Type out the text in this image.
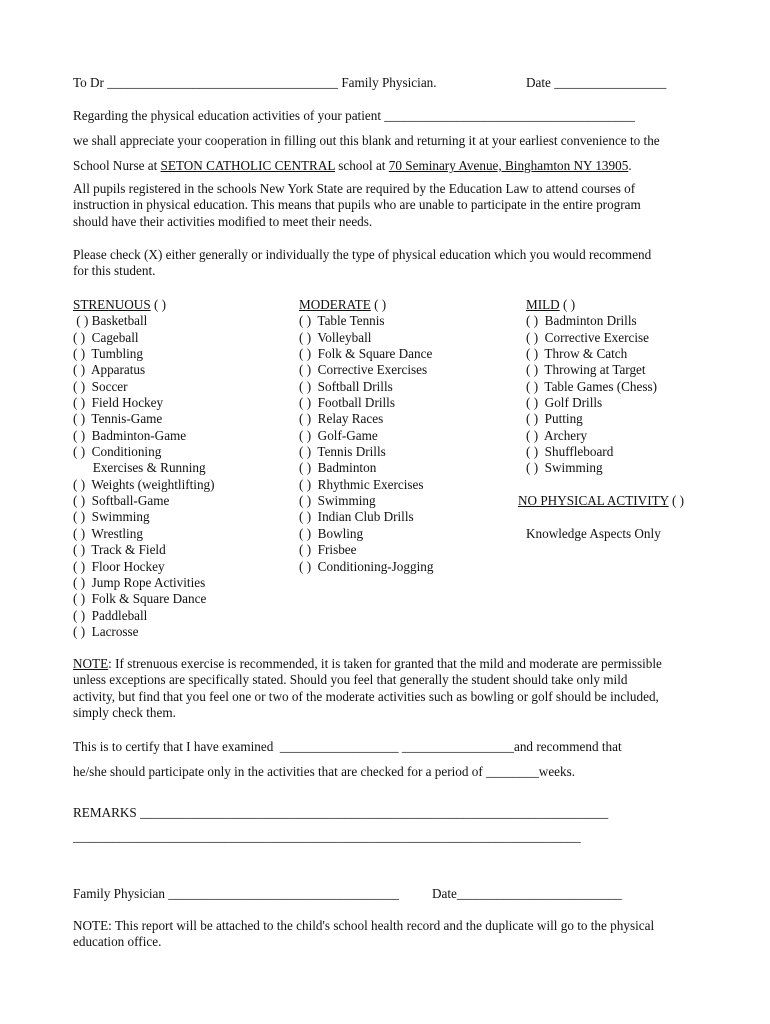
To Dr ___________________________________ Family Physician.	Date _________________
Regarding the physical education activities of your patient ______________________________________
we shall appreciate your cooperation in filling out this blank and returning it at your earliest convenience to the
School Nurse at SETON CATHOLIC CENTRAL school at 70 Seminary Avenue, Binghamton NY 13905.
All pupils registered in the schools New York State are required by the Education Law to attend courses of
instruction in physical education. This means that pupils who are unable to participate in the entire program
should have their activities modified to meet their needs.
Please check (X) either generally or individually the type of physical education which you would recommend
for this student.
STRENUOUS ( )
( ) Basketball
( )  Cageball
( )  Tumbling
( )  Apparatus
( )  Soccer
( )  Field Hockey
( )  Tennis-Game
( )  Badminton-Game
( )  Conditioning
Exercises & Running
( )  Weights (weightlifting)
( )  Softball-Game
( )  Swimming
( )  Wrestling
( )  Track & Field
( )  Floor Hockey
( )  Jump Rope Activities
( )  Folk & Square Dance
( )  Paddleball
( )  Lacrosse
MODERATE ( )
( )  Table Tennis
( )  Volleyball
( )  Folk & Square Dance
( )  Corrective Exercises
( )  Softball Drills
( )  Football Drills
( )  Relay Races
( )  Golf-Game
( )  Tennis Drills
( )  Badminton
( )  Rhythmic Exercises
( )  Swimming
( )  Indian Club Drills
( )  Bowling
( )  Frisbee
( )  Conditioning-Jogging
MILD ( )
( )  Badminton Drills
( )  Corrective Exercise
( )  Throw & Catch
( )  Throwing at Target
( )  Table Games (Chess)
( )  Golf Drills
( )  Putting
( )  Archery
( )  Shuffleboard
( )  Swimming
NO PHYSICAL ACTIVITY ( )
Knowledge Aspects Only
NOTE: If strenuous exercise is recommended, it is taken for granted that the mild and moderate are permissible
unless exceptions are specifically stated. Should you feel that generally the student should take only mild
activity, but find that you feel one or two of the moderate activities such as bowling or golf should be included,
simply check them.
This is to certify that I have examined  __________________ _________________and recommend that
he/she should participate only in the activities that are checked for a period of ________weeks.
REMARKS _______________________________________________________________________
_____________________________________________________________________________
Family Physician ___________________________________ Date_________________________
NOTE: This report will be attached to the child's school health record and the duplicate will go to the physical
education office.
